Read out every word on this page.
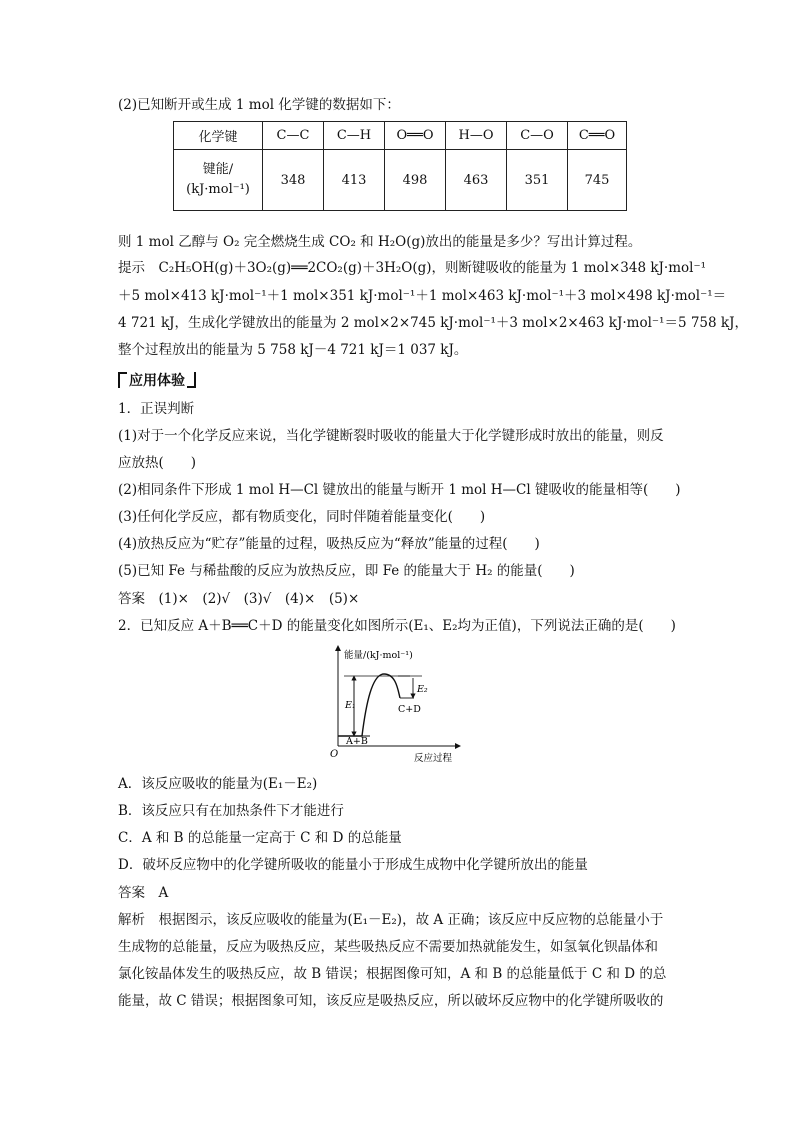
(2)已知断开或生成 1 mol 化学键的数据如下：
化学键	C—C	C—H	O══O	H—O	C—O	C══O

键能/
(kJ·mol⁻¹)	348	413	498	463	351	745
则 1 mol 乙醇与 O₂ 完全燃烧生成 CO₂ 和 H₂O(g)放出的能量是多少？写出计算过程。
提示　C₂H₅OH(g)＋3O₂(g)══2CO₂(g)＋3H₂O(g)，则断键吸收的能量为 1 mol×348 kJ·mol⁻¹
＋5 mol×413 kJ·mol⁻¹＋1 mol×351 kJ·mol⁻¹＋1 mol×463 kJ·mol⁻¹＋3 mol×498 kJ·mol⁻¹＝
4 721 kJ，生成化学键放出的能量为 2 mol×2×745 kJ·mol⁻¹＋3 mol×2×463 kJ·mol⁻¹＝5 758 kJ，
整个过程放出的能量为 5 758 kJ－4 721 kJ＝1 037 kJ。
应用体验
1．正误判断
(1)对于一个化学反应来说，当化学键断裂时吸收的能量大于化学键形成时放出的能量，则反
应放热(　　)
(2)相同条件下形成 1 mol H—Cl 键放出的能量与断开 1 mol H—Cl 键吸收的能量相等(　　)
(3)任何化学反应，都有物质变化，同时伴随着能量变化(　　)
(4)放热反应为“贮存”能量的过程，吸热反应为“释放”能量的过程(　　)
(5)已知 Fe 与稀盐酸的反应为放热反应，即 Fe 的能量大于 H₂ 的能量(　　)
答案　(1)×　(2)√　(3)√　(4)×　(5)×
2．已知反应 A＋B══C＋D 的能量变化如图所示(E₁、E₂均为正值)，下列说法正确的是(　　)
能量/(kJ·mol⁻¹)
反应过程
O
E₁
E₂
C+D
A+B
A．该反应吸收的能量为(E₁－E₂)
B．该反应只有在加热条件下才能进行
C．A 和 B 的总能量一定高于 C 和 D 的总能量
D．破坏反应物中的化学键所吸收的能量小于形成生成物中化学键所放出的能量
答案　A
解析　根据图示，该反应吸收的能量为(E₁－E₂)，故 A 正确；该反应中反应物的总能量小于
生成物的总能量，反应为吸热反应，某些吸热反应不需要加热就能发生，如氢氧化钡晶体和
氯化铵晶体发生的吸热反应，故 B 错误；根据图像可知，A 和 B 的总能量低于 C 和 D 的总
能量，故 C 错误；根据图象可知，该反应是吸热反应，所以破坏反应物中的化学键所吸收的
